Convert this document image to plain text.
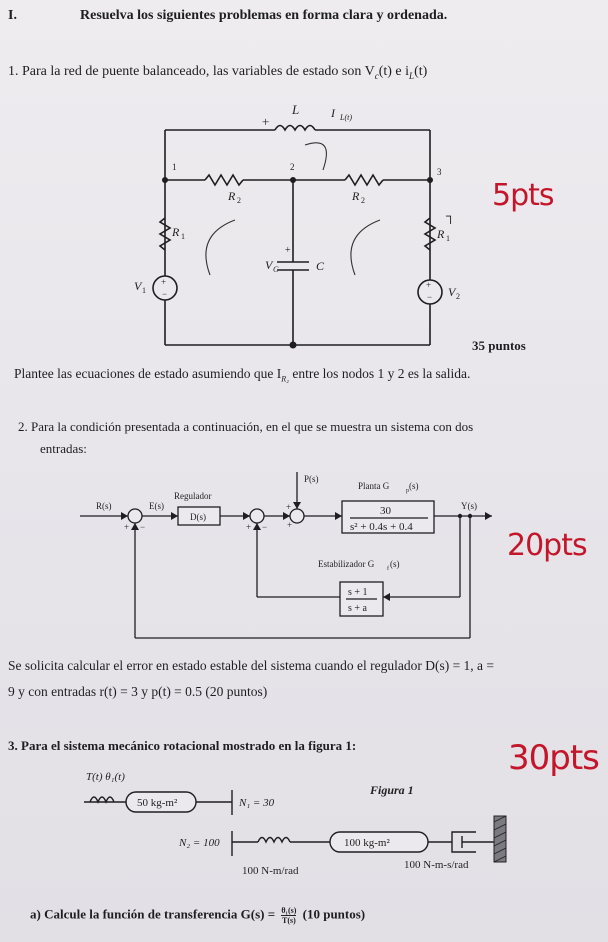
I.	Resuelva los siguientes problemas en forma clara y ordenada.
1. Para la red de puente balanceado, las variables de estado son $V_c(t)$ e $i_L(t)$
+
−
+
−
+
+
┐
L	I L(t)
1	2	3
R 2	R 2
R 1	R 1
C
V C
V 1	V 2
5pts
35 puntos
Plantee las ecuaciones de estado asumiendo que $I_{R_2}$ entre los nodos 1 y 2 es la salida.
2. Para la condición presentada a continuación, en el que se muestra un sistema con dos
entradas:
R(s)	E(s)
Regulador
D(s)
P(s)
Planta G	p (s)
30
s² + 0.4s + 0.4
Y(s)
Estabilizador G f (s)
s + 1
s + a
+ −	+ −
+
+
20pts
Se solicita calcular el error en estado estable del sistema cuando el regulador D(s) = 1, a =
9 y con entradas r(t) = 3 y p(t) = 0.5 (20 puntos)
3. Para el sistema mecánico rotacional mostrado en la figura 1:	30pts
T(t) θ₁(t)
50 kg-m²	N₁ = 30
Figura 1
N₂ = 100	100 kg-m²
100 N-m/rad	100 N-m-s/rad
a) Calcule la función de transferencia $G(s) = \frac{\text{θ₁(s)}}{T(s)} (10$ puntos)
